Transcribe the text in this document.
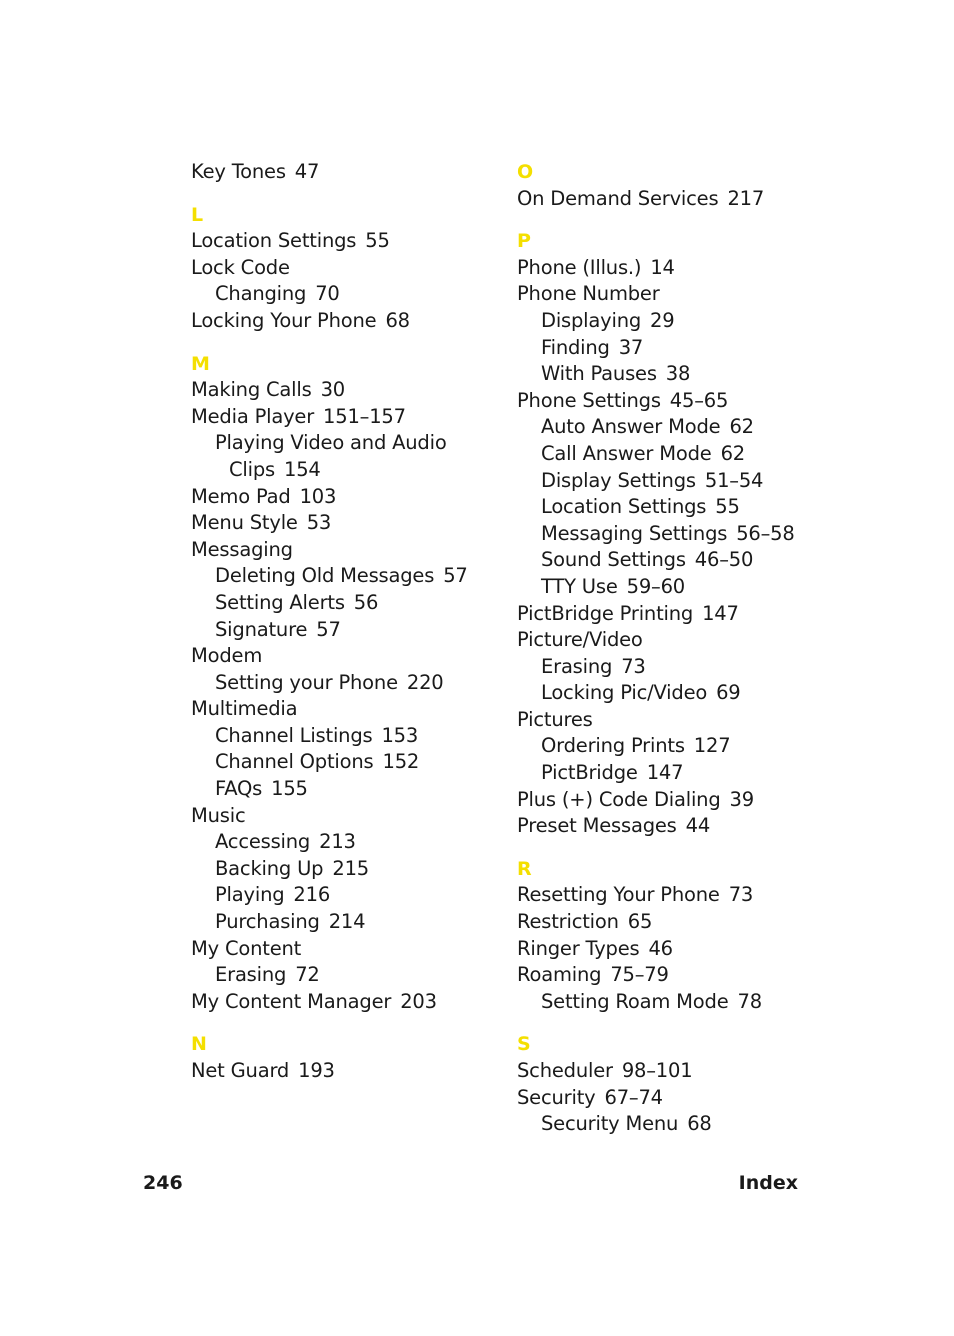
Key Tones 47
L
Location Settings 55
Lock Code
Changing 70
Locking Your Phone 68
M
Making Calls 30
Media Player 151–157
Playing Video and Audio
Clips 154
Memo Pad 103
Menu Style 53
Messaging
Deleting Old Messages 57
Setting Alerts 56
Signature 57
Modem
Setting your Phone 220
Multimedia
Channel Listings 153
Channel Options 152
FAQs 155
Music
Accessing 213
Backing Up 215
Playing 216
Purchasing 214
My Content
Erasing 72
My Content Manager 203
N
Net Guard 193
O
On Demand Services 217
P
Phone (Illus.) 14
Phone Number
Displaying 29
Finding 37
With Pauses 38
Phone Settings 45–65
Auto Answer Mode 62
Call Answer Mode 62
Display Settings 51–54
Location Settings 55
Messaging Settings 56–58
Sound Settings 46–50
TTY Use 59–60
PictBridge Printing 147
Picture/Video
Erasing 73
Locking Pic/Video 69
Pictures
Ordering Prints 127
PictBridge 147
Plus (+) Code Dialing 39
Preset Messages 44
R
Resetting Your Phone 73
Restriction 65
Ringer Types 46
Roaming 75–79
Setting Roam Mode 78
S
Scheduler 98–101
Security 67–74
Security Menu 68
246	Index
